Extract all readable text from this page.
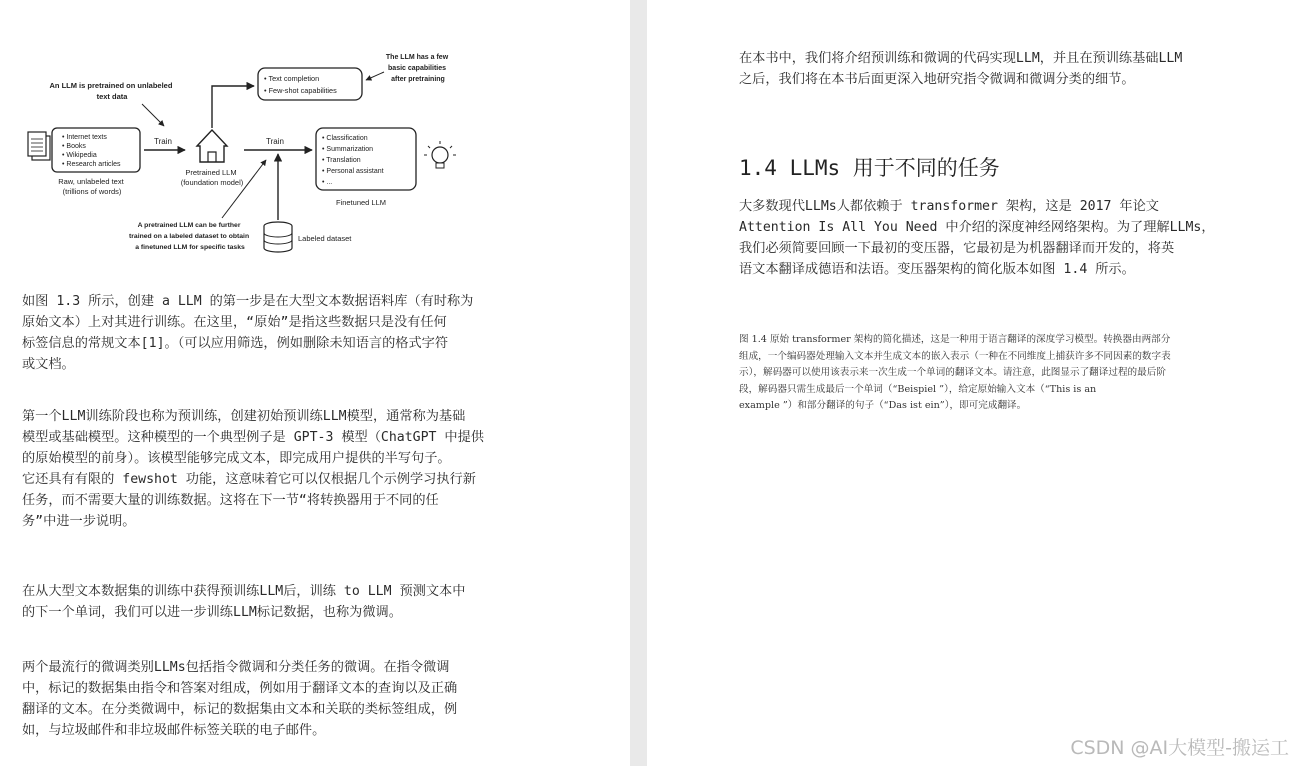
An LLM is pretrained on unlabeled text data
• Text completion • Few-shot capabilities
The LLM has a few basic capabilities after pretraining
• Internet texts • Books • Wikipedia • Research articles
Raw, unlabeled text (trillions of words)
Train
Pretrained LLM (foundation model)
Train	• Classification • Summarization • Translation • Personal assistant • ...
Finetuned LLM
A pretrained LLM can be further trained on a labeled dataset to obtain a finetuned LLM for specific tasks
Labeled dataset

如图 1.3 所示，创建 a LLM 的第一步是在大型文本数据语料库（有时称为
原始文本）上对其进行训练。在这里，“原始”是指这些数据只是没有任何
标签信息的常规文本[1]。（可以应用筛选，例如删除未知语言的格式字符
或文档。

第一个LLM训练阶段也称为预训练，创建初始预训练LLM模型，通常称为基础
模型或基础模型。这种模型的一个典型例子是 GPT-3 模型（ChatGPT 中提供
的原始模型的前身）。该模型能够完成文本，即完成用户提供的半写句子。
它还具有有限的 fewshot 功能，这意味着它可以仅根据几个示例学习执行新
任务，而不需要大量的训练数据。这将在下一节“将转换器用于不同的任
务”中进一步说明。

在从大型文本数据集的训练中获得预训练LLM后，训练 to LLM 预测文本中
的下一个单词，我们可以进一步训练LLM标记数据，也称为微调。

两个最流行的微调类别LLMs包括指令微调和分类任务的微调。在指令微调
中，标记的数据集由指令和答案对组成，例如用于翻译文本的查询以及正确
翻译的文本。在分类微调中，标记的数据集由文本和关联的类标签组成，例
如，与垃圾邮件和非垃圾邮件标签关联的电子邮件。

在本书中，我们将介绍预训练和微调的代码实现LLM，并且在预训练基础LLM
之后，我们将在本书后面更深入地研究指令微调和微调分类的细节。

1.4 LLMs 用于不同的任务

大多数现代LLMs人都依赖于 transformer 架构，这是 2017 年论文
Attention Is All You Need 中介绍的深度神经网络架构。为了理解LLMs，
我们必须简要回顾一下最初的变压器，它最初是为机器翻译而开发的，将英
语文本翻译成德语和法语。变压器架构的简化版本如图 1.4 所示。

图 1.4 原始 transformer 架构的简化描述，这是一种用于语言翻译的深度学习模型。转换器由两部分
组成，一个编码器处理输入文本并生成文本的嵌入表示（一种在不同维度上捕获许多不同因素的数字表
示），解码器可以使用该表示来一次生成一个单词的翻译文本。请注意，此图显示了翻译过程的最后阶
段，解码器只需生成最后一个单词（“Beispiel ”），给定原始输入文本（“This is an
example ”）和部分翻译的句子（“Das ist ein”），即可完成翻译。

CSDN @AI大模型-搬运工
